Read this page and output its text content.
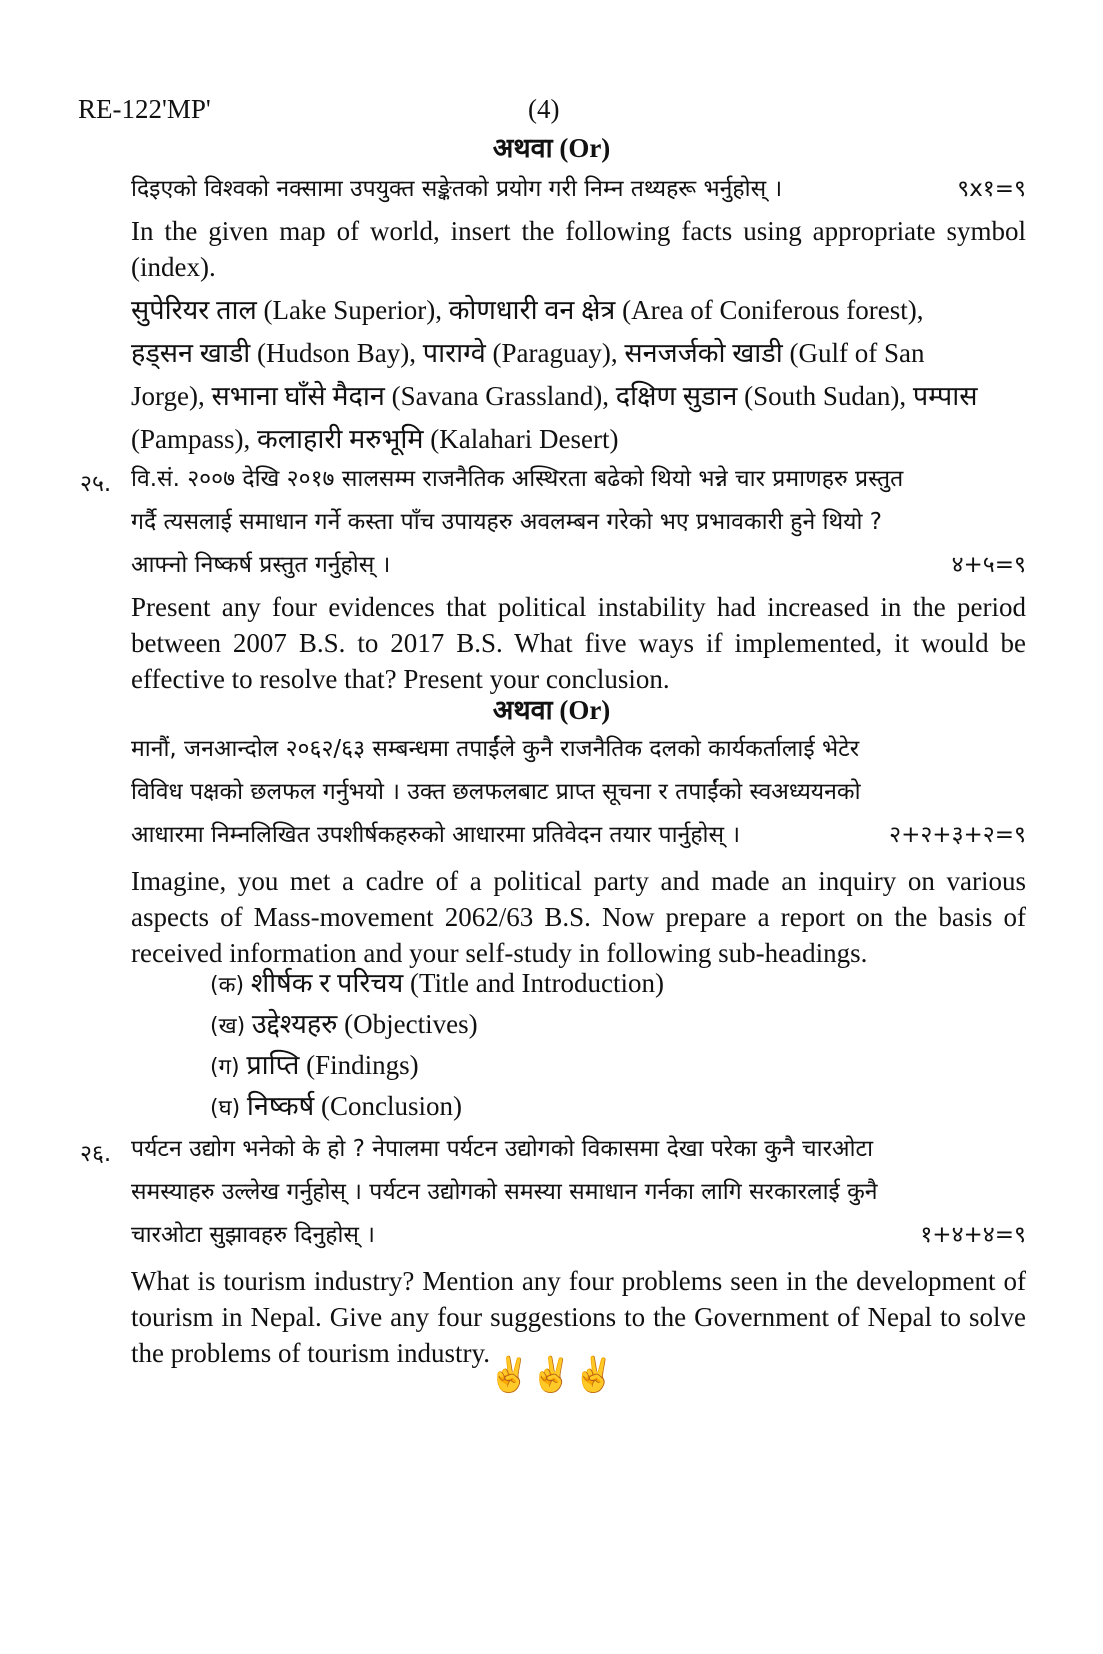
RE-122'MP'	(4)
अथवा (Or)
दिइएको विश्वको नक्सामा उपयुक्त सङ्केतको प्रयोग गरी निम्न तथ्यहरू भर्नुहोस् ।	९x१=९
In the given map of world, insert the following facts using appropriate symbol (index).
सुपेरियर ताल (Lake Superior), कोणधारी वन क्षेत्र (Area of Coniferous forest),
हड्सन खाडी (Hudson Bay), पाराग्वे (Paraguay), सनजर्जको खाडी (Gulf of San
Jorge), सभाना घाँसे मैदान (Savana Grassland), दक्षिण सुडान (South Sudan), पम्पास
(Pampass), कलाहारी मरुभूमि (Kalahari Desert)
२५. वि.सं. २००७ देखि २०१७ सालसम्म राजनैतिक अस्थिरता बढेको थियो भन्ने चार प्रमाणहरु प्रस्तुत
गर्दै त्यसलाई समाधान गर्ने कस्ता पाँच उपायहरु अवलम्बन गरेको भए प्रभावकारी हुने थियो ?
आफ्नो निष्कर्ष प्रस्तुत गर्नुहोस् ।	४+५=९
Present any four evidences that political instability had increased in the period between 2007 B.S. to 2017 B.S. What five ways if implemented, it would be effective to resolve that? Present your conclusion.
अथवा (Or)
मानौं, जनआन्दोल २०६२/६३ सम्बन्धमा तपाईंले कुनै राजनैतिक दलको कार्यकर्तालाई भेटेर
विविध पक्षको छलफल गर्नुभयो । उक्त छलफलबाट प्राप्त सूचना र तपाईंको स्वअध्ययनको
आधारमा निम्नलिखित उपशीर्षकहरुको आधारमा प्रतिवेदन तयार पार्नुहोस् ।	२+२+३+२=९
Imagine, you met a cadre of a political party and made an inquiry on various aspects of Mass-movement 2062/63 B.S. Now prepare a report on the basis of received information and your self-study in following sub-headings.
(क) शीर्षक र परिचय (Title and Introduction)
(ख) उद्देश्यहरु (Objectives)
(ग) प्राप्ति (Findings)
(घ) निष्कर्ष (Conclusion)
२६. पर्यटन उद्योग भनेको के हो ? नेपालमा पर्यटन उद्योगको विकासमा देखा परेका कुनै चारओटा
समस्याहरु उल्लेख गर्नुहोस् । पर्यटन उद्योगको समस्या समाधान गर्नका लागि सरकारलाई कुनै
चारओटा सुझावहरु दिनुहोस् ।	१+४+४=९
What is tourism industry? Mention any four problems seen in the development of tourism in Nepal. Give any four suggestions to the Government of Nepal to solve the problems of tourism industry.
✌✌✌
